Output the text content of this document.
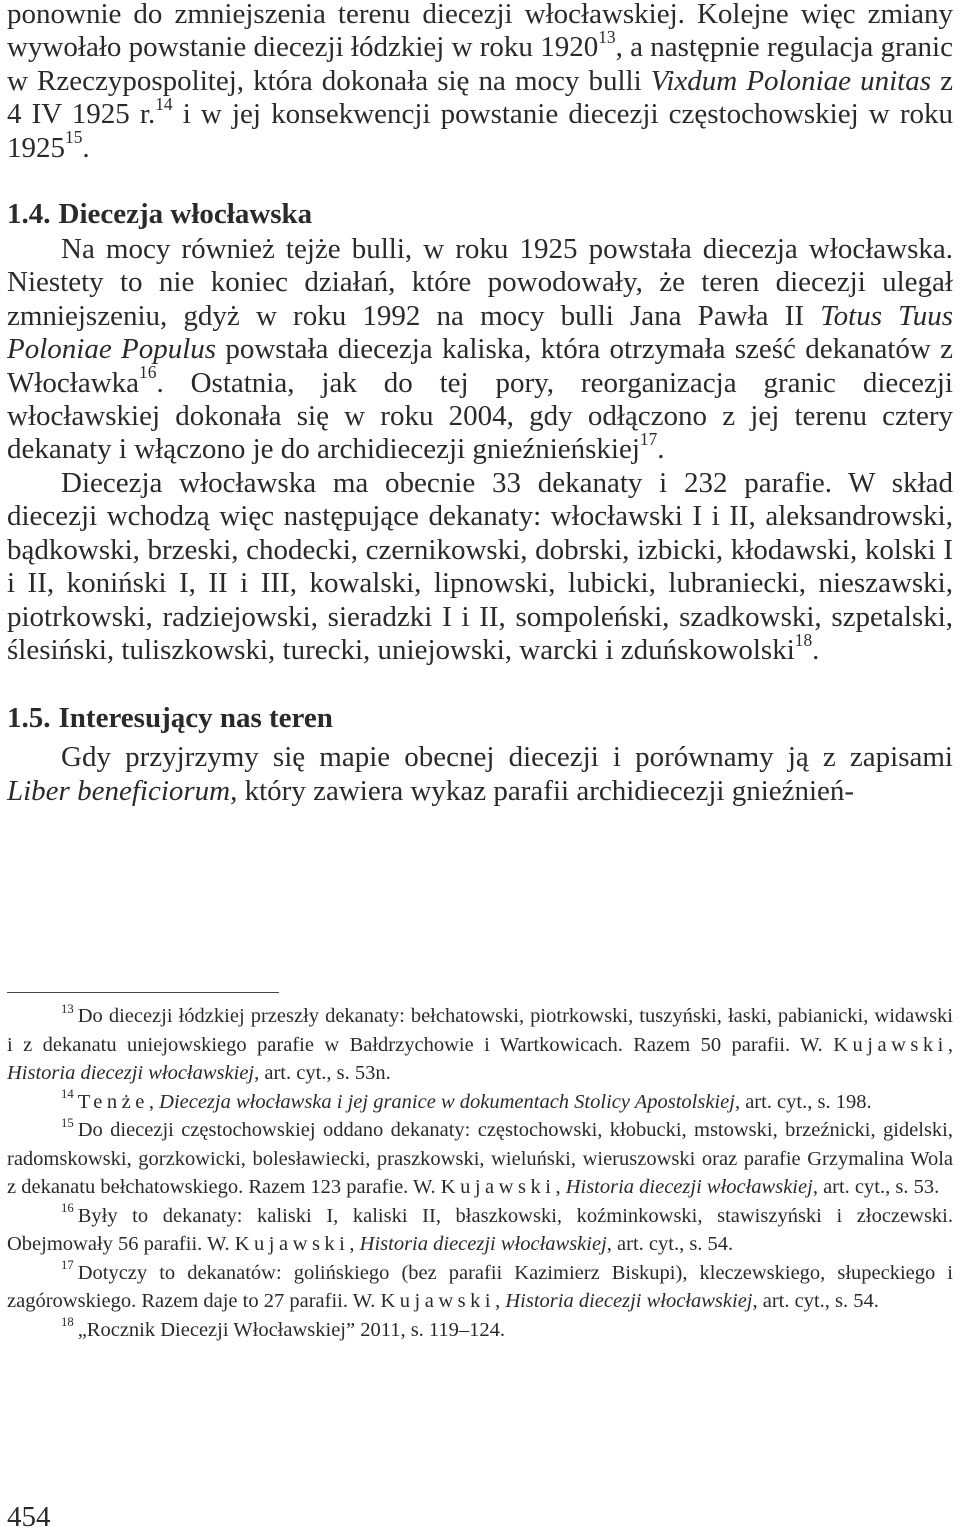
ponownie do zmniejszenia terenu diecezji włocławskiej. Kolejne więc zmiany wywołało powstanie diecezji łódzkiej w roku 1920$^{13}$, a następnie regulacja granic w Rzeczypospolitej, która dokonała się na mocy bulli Vixdum Poloniae unitas z 4 IV 1925 r.$^{14}$ i w jej konsekwencji powstanie diecezji częstochowskiej w roku 1925$^{15}$.

1.4. Diecezja włocławska

Na mocy również tejże bulli, w roku 1925 powstała diecezja włocławska. Niestety to nie koniec działań, które powodowały, że teren diecezji ulegał zmniejszeniu, gdyż w roku 1992 na mocy bulli Jana Pawła II Totus Tuus Poloniae Populus powstała diecezja kaliska, która otrzymała sześć dekanatów z Włocławka$^{16}$. Ostatnia, jak do tej pory, reorganizacja granic diecezji włocławskiej dokonała się w roku 2004, gdy odłączono z jej terenu cztery dekanaty i włączono je do archidiecezji gnieźnieńskiej$^{17}$.

Diecezja włocławska ma obecnie 33 dekanaty i 232 parafie. W skład diecezji wchodzą więc następujące dekanaty: włocławski I i II, aleksandrowski, bądkowski, brzeski, chodecki, czernikowski, dobrski, izbicki, kłodawski, kolski I i II, koniński I, II i III, kowalski, lipnowski, lubicki, lubraniecki, nieszawski, piotrkowski, radziejowski, sieradzki I i II, sompoleński, szadkowski, szpetalski, ślesiński, tuliszkowski, turecki, uniejowski, warcki i zduńskowolski$^{18}$.

1.5. Interesujący nas teren

Gdy przyjrzymy się mapie obecnej diecezji i porównamy ją z zapisami Liber beneficiorum, który zawiera wykaz parafii archidiecezji gnieźnień-

$^{13}$ Do diecezji łódzkiej przeszły dekanaty: bełchatowski, piotrkowski, tuszyński, łaski, pabianicki, widawski i z dekanatu uniejowskiego parafie w Bałdrzychowie i Wartkowicach. Razem 50 parafii. W. Kujawski, Historia diecezji włocławskiej, art. cyt., s. 53n.

$^{14}$ Tenże, Diecezja włocławska i jej granice w dokumentach Stolicy Apostolskiej, art. cyt., s. 198.

$^{15}$ Do diecezji częstochowskiej oddano dekanaty: częstochowski, kłobucki, mstowski, brzeźnicki, gidelski, radomskowski, gorzkowicki, bolesławiecki, praszkowski, wieluński, wieruszowski oraz parafie Grzymalina Wola z dekanatu bełchatowskiego. Razem 123 parafie. W. Kujawski, Historia diecezji włocławskiej, art. cyt., s. 53.

$^{16}$ Były to dekanaty: kaliski I, kaliski II, błaszkowski, koźminkowski, stawiszyński i złoczewski. Obejmowały 56 parafii. W. Kujawski, Historia diecezji włocławskiej, art. cyt., s. 54.

$^{17}$ Dotyczy to dekanatów: golińskiego (bez parafii Kazimierz Biskupi), kleczewskiego, słupeckiego i zagórowskiego. Razem daje to 27 parafii. W. Kujawski, Historia diecezji włocławskiej, art. cyt., s. 54.

$^{18}$ „Rocznik Diecezji Włocławskiej” 2011, s. 119–124.

454
